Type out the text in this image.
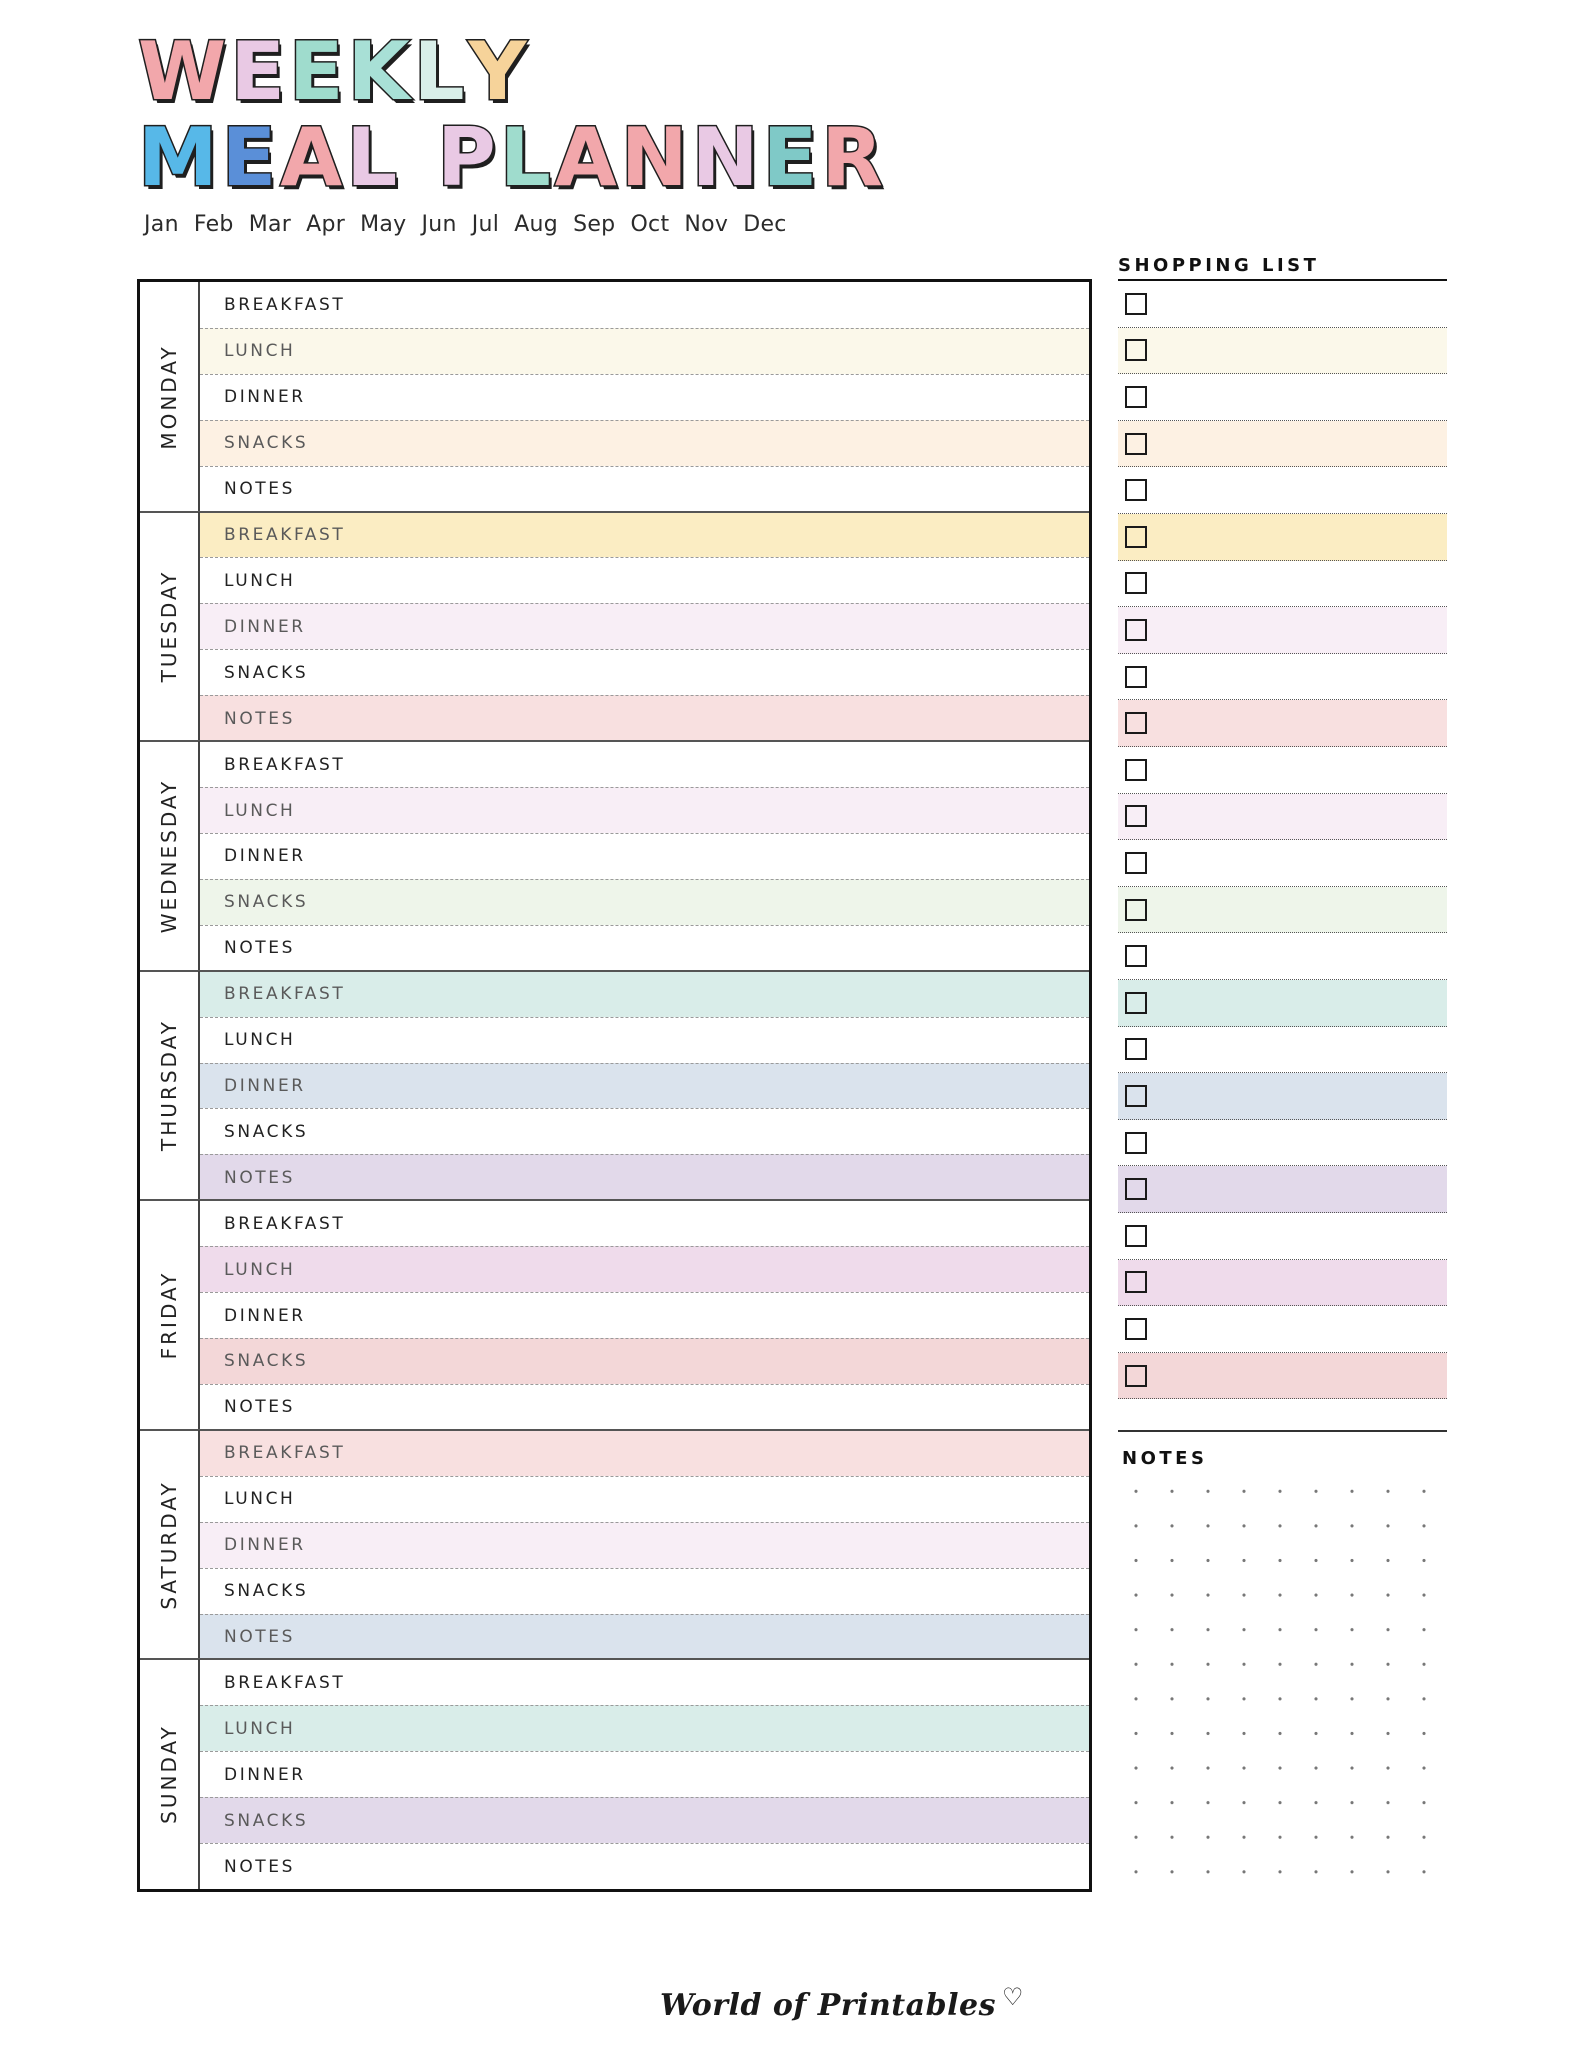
WEEKLY
MEAL PLANNER
Jan Feb Mar Apr May Jun Jul Aug Sep Oct Nov Dec
MONDAY
BREAKFAST
LUNCH
DINNER
SNACKS
NOTES
TUESDAY
BREAKFAST
LUNCH
DINNER
SNACKS
NOTES
WEDNESDAY
BREAKFAST
LUNCH
DINNER
SNACKS
NOTES
THURSDAY
BREAKFAST
LUNCH
DINNER
SNACKS
NOTES
FRIDAY
BREAKFAST
LUNCH
DINNER
SNACKS
NOTES
SATURDAY
BREAKFAST
LUNCH
DINNER
SNACKS
NOTES
SUNDAY
BREAKFAST
LUNCH
DINNER
SNACKS
NOTES
SHOPPING LIST
NOTES
World of Printables ♡
